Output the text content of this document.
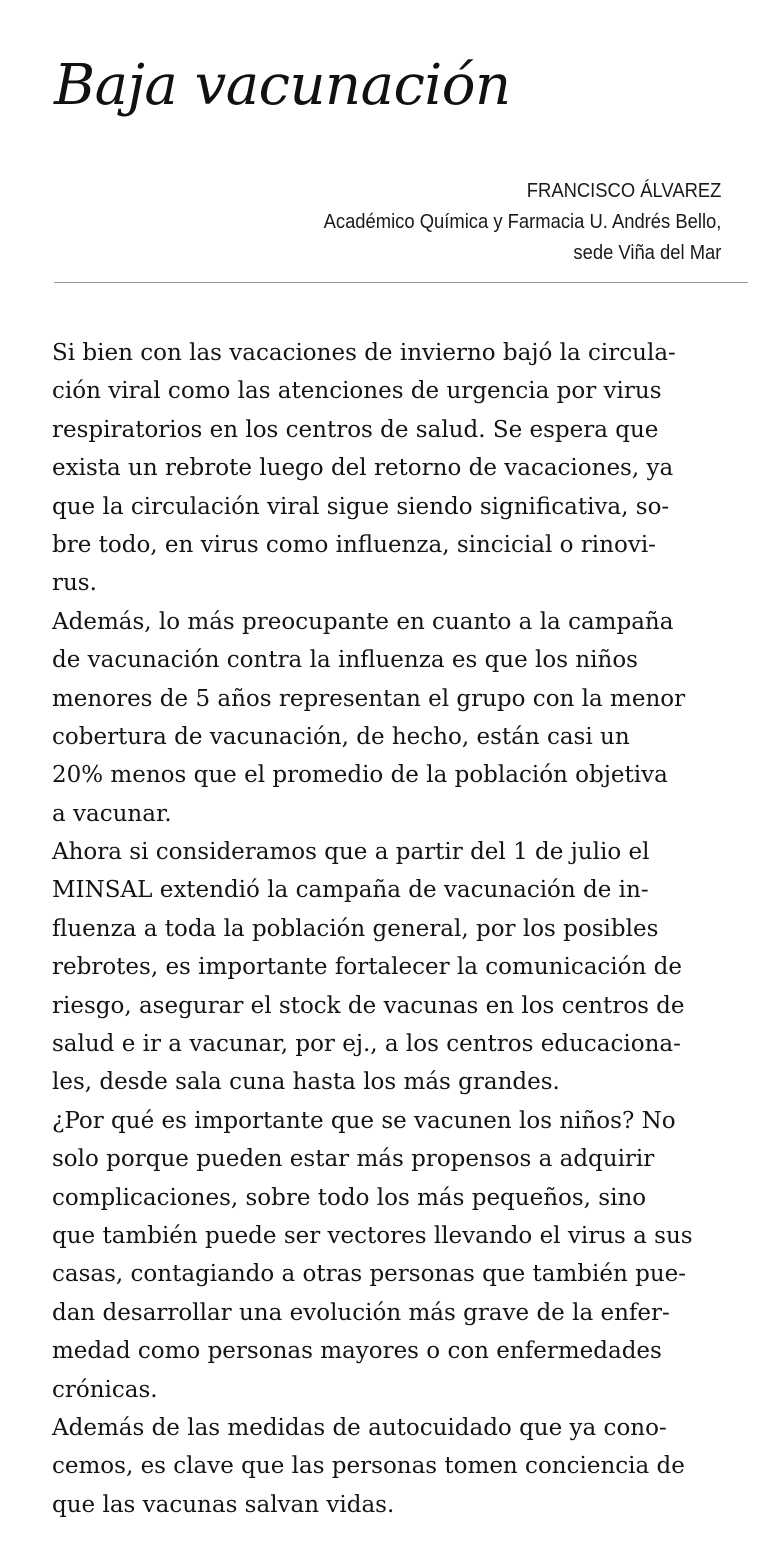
Baja vacunación
FRANCISCO ÁLVAREZ
Académico Química y Farmacia U. Andrés Bello,
sede Viña del Mar
Si bien con las vacaciones de invierno bajó la circula-
ción viral como las atenciones de urgencia por virus
respiratorios en los centros de salud. Se espera que
exista un rebrote luego del retorno de vacaciones, ya
que la circulación viral sigue siendo significativa, so-
bre todo, en virus como influenza, sincicial o rinovi-
rus.
Además, lo más preocupante en cuanto a la campaña
de vacunación contra la influenza es que los niños
menores de 5 años representan el grupo con la menor
cobertura de vacunación, de hecho, están casi un
20% menos que el promedio de la población objetiva
a vacunar.
Ahora si consideramos que a partir del 1 de julio el
MINSAL extendió la campaña de vacunación de in-
fluenza a toda la población general, por los posibles
rebrotes, es importante fortalecer la comunicación de
riesgo, asegurar el stock de vacunas en los centros de
salud e ir a vacunar, por ej., a los centros educaciona-
les, desde sala cuna hasta los más grandes.
¿Por qué es importante que se vacunen los niños? No
solo porque pueden estar más propensos a adquirir
complicaciones, sobre todo los más pequeños, sino
que también puede ser vectores llevando el virus a sus
casas, contagiando a otras personas que también pue-
dan desarrollar una evolución más grave de la enfer-
medad como personas mayores o con enfermedades
crónicas.
Además de las medidas de autocuidado que ya cono-
cemos, es clave que las personas tomen conciencia de
que las vacunas salvan vidas.
